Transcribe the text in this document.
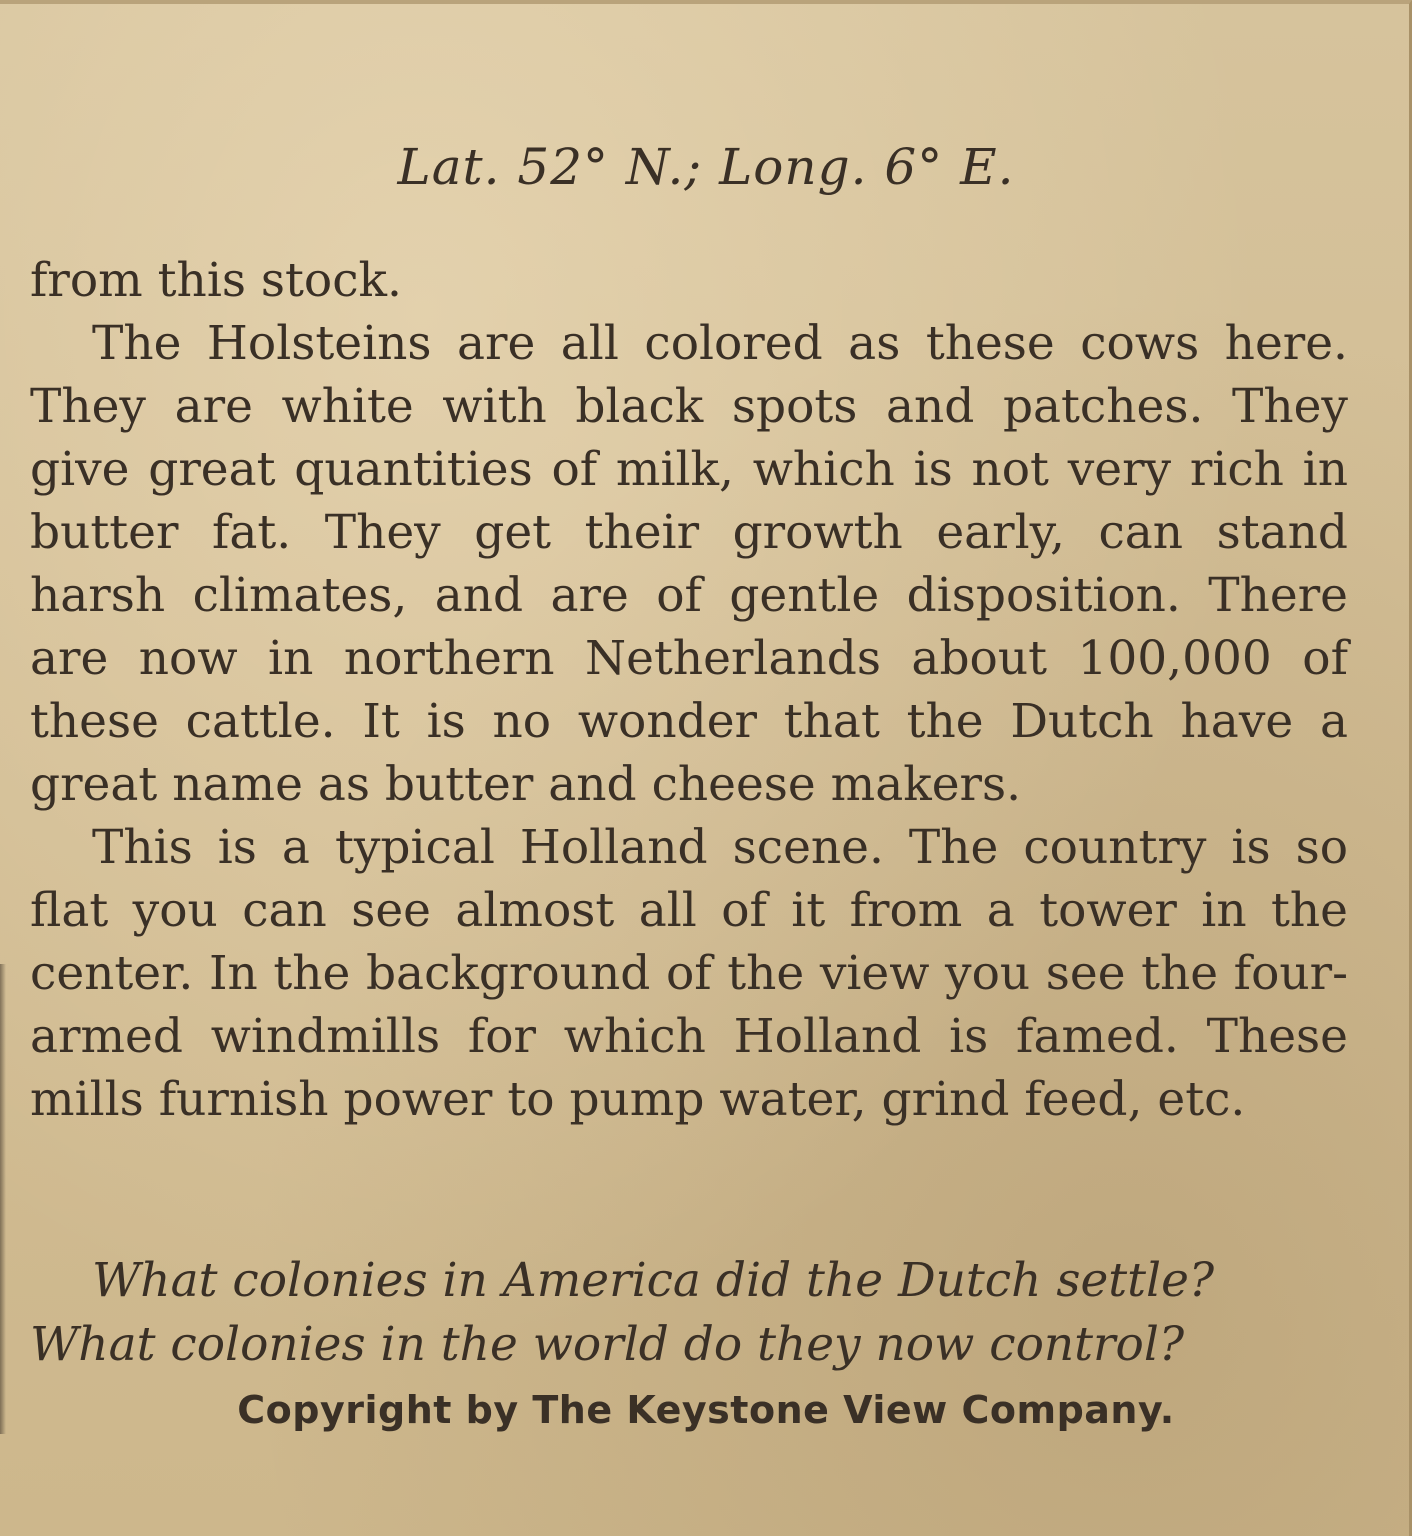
Lat. 52° N.; Long. 6° E.

from this stock.

The Holsteins are all colored as these cows here. They are white with black spots and patches. They give great quantities of milk, which is not very rich in butter fat. They get their growth early, can stand harsh climates, and are of gentle disposition. There are now in northern Netherlands about 100,000 of these cattle. It is no wonder that the Dutch have a great name as butter and cheese makers.

This is a typical Holland scene. The country is so flat you can see almost all of it from a tower in the center. In the background of the view you see the four-armed windmills for which Holland is famed. These mills furnish power to pump water, grind feed, etc.

What colonies in America did the Dutch settle?

What colonies in the world do they now control?

Copyright by The Keystone View Company.
